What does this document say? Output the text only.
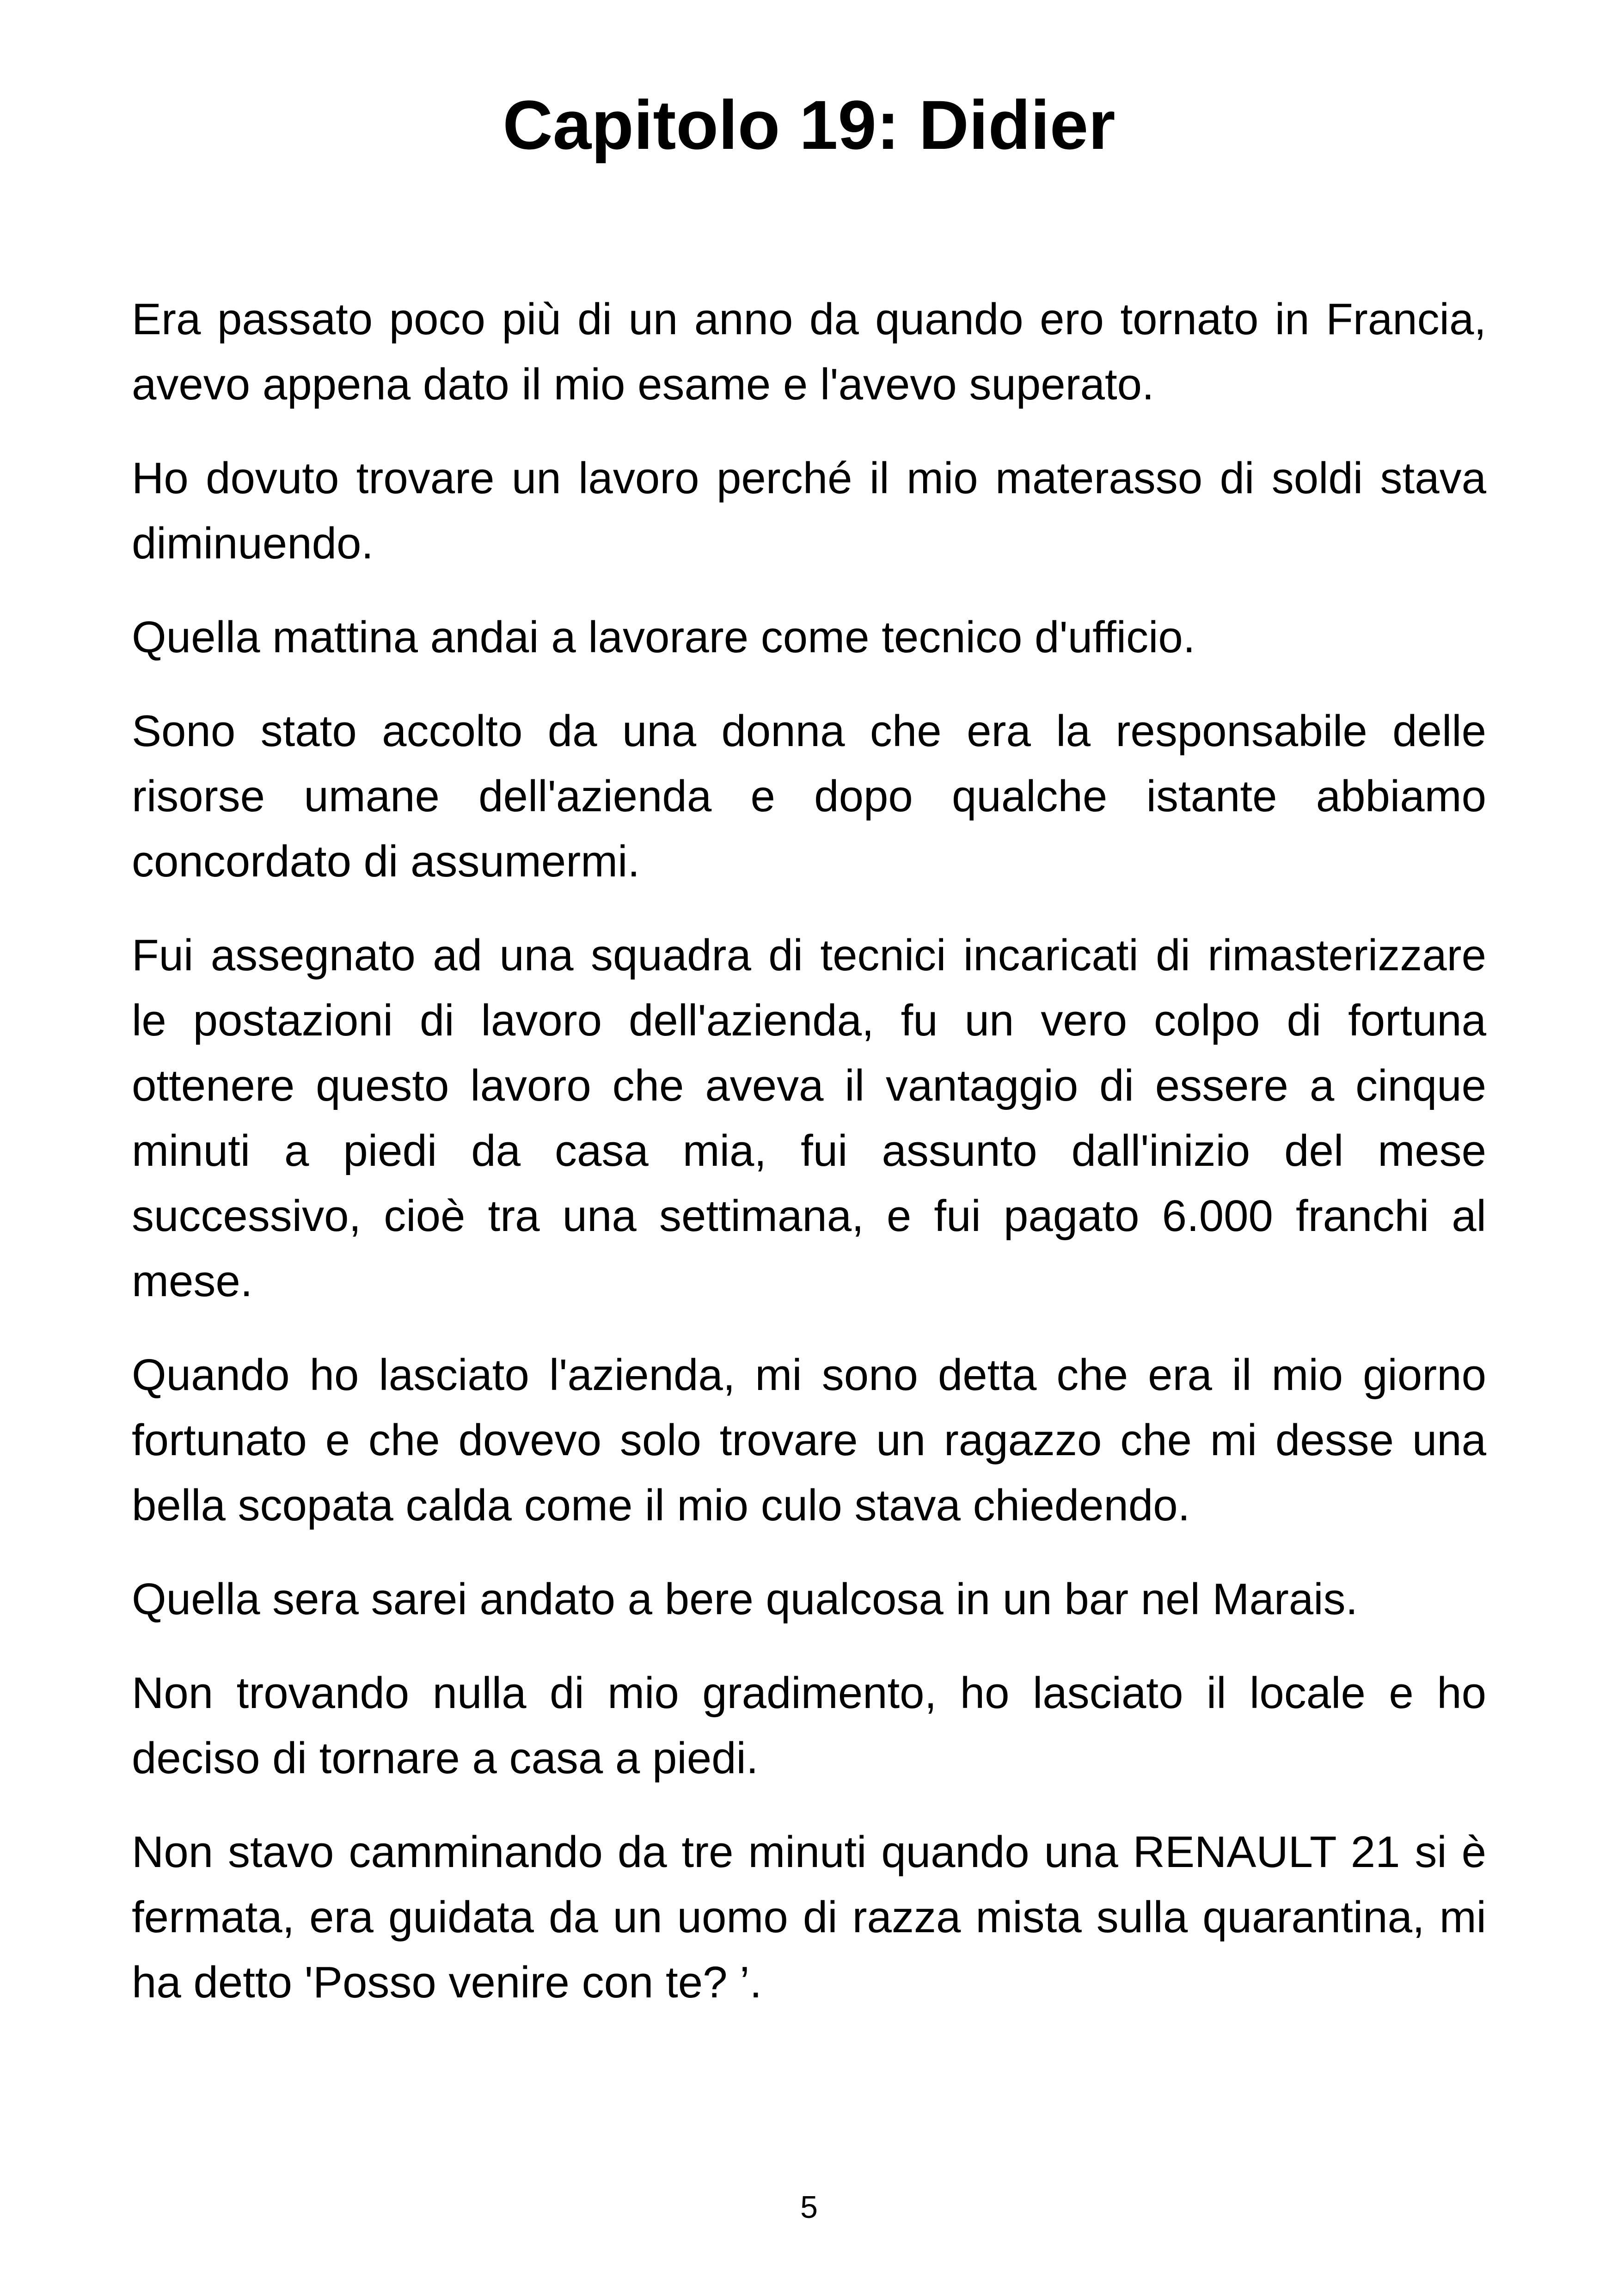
Capitolo 19: Didier

Era passato poco più di un anno da quando ero tornato in Francia, avevo appena dato il mio esame e l'avevo superato.

Ho dovuto trovare un lavoro perché il mio materasso di soldi stava diminuendo.

Quella mattina andai a lavorare come tecnico d'ufficio.

Sono stato accolto da una donna che era la responsabile delle risorse umane dell'azienda e dopo qualche istante abbiamo concordato di assumermi.

Fui assegnato ad una squadra di tecnici incaricati di rimasterizzare le postazioni di lavoro dell'azienda, fu un vero colpo di fortuna ottenere questo lavoro che aveva il vantaggio di essere a cinque minuti a piedi da casa mia, fui assunto dall'inizio del mese successivo, cioè tra una settimana, e fui pagato 6.000 franchi al mese.

Quando ho lasciato l'azienda, mi sono detta che era il mio giorno fortunato e che dovevo solo trovare un ragazzo che mi desse una bella scopata calda come il mio culo stava chiedendo.

Quella sera sarei andato a bere qualcosa in un bar nel Marais.

Non trovando nulla di mio gradimento, ho lasciato il locale e ho deciso di tornare a casa a piedi.

Non stavo camminando da tre minuti quando una RENAULT 21 si è fermata, era guidata da un uomo di razza mista sulla quarantina, mi ha detto 'Posso venire con te? ’.

5
